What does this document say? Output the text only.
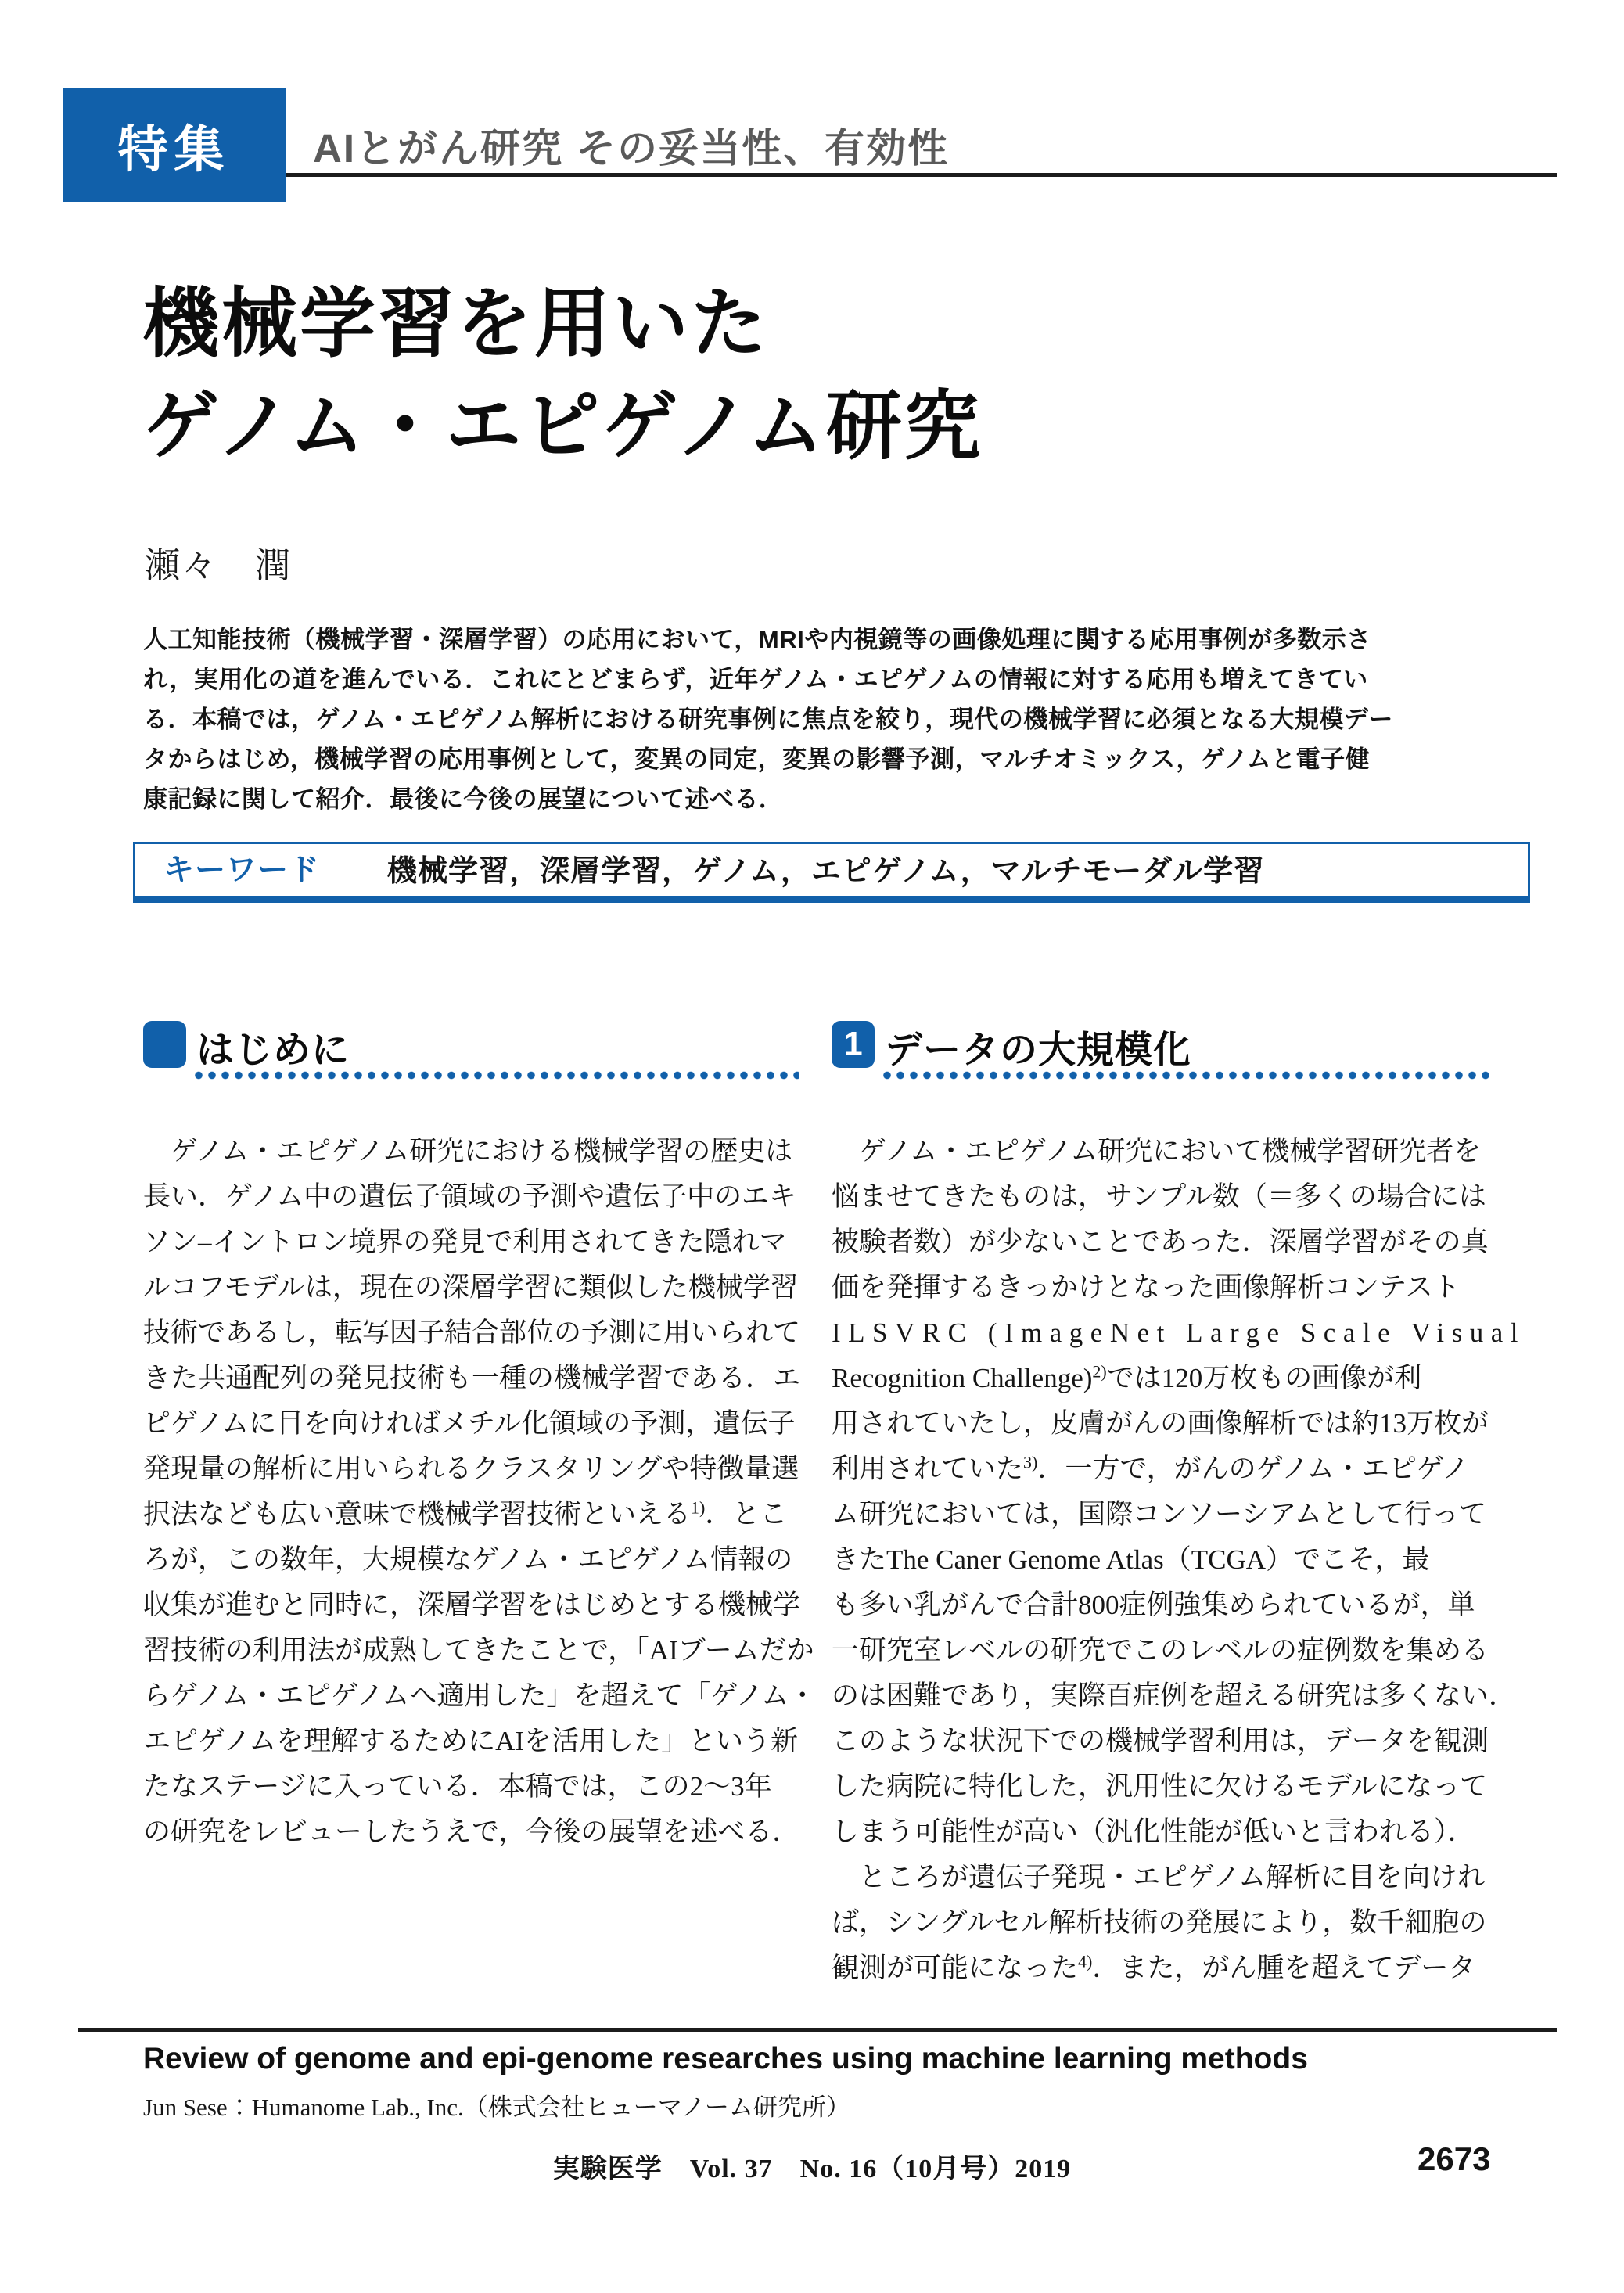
特集 AIとがん研究 その妥当性、有効性
機械学習を用いた
ゲノム・エピゲノム研究
瀬々　潤
人工知能技術（機械学習・深層学習）の応用において，MRIや内視鏡等の画像処理に関する応用事例が多数示さ
れ，実用化の道を進んでいる．これにとどまらず，近年ゲノム・エピゲノムの情報に対する応用も増えてきてい
る．本稿では，ゲノム・エピゲノム解析における研究事例に焦点を絞り，現代の機械学習に必須となる大規模デー
タからはじめ，機械学習の応用事例として，変異の同定，変異の影響予測，マルチオミックス，ゲノムと電子健
康記録に関して紹介．最後に今後の展望について述べる．
キーワード 機械学習，深層学習，ゲノム，エピゲノム，マルチモーダル学習
はじめに
　ゲノム・エピゲノム研究における機械学習の歴史は
長い．ゲノム中の遺伝子領域の予測や遺伝子中のエキ
ソン–イントロン境界の発見で利用されてきた隠れマ
ルコフモデルは，現在の深層学習に類似した機械学習
技術であるし，転写因子結合部位の予測に用いられて
きた共通配列の発見技術も一種の機械学習である．エ
ピゲノムに目を向ければメチル化領域の予測，遺伝子
発現量の解析に用いられるクラスタリングや特徴量選
択法なども広い意味で機械学習技術といえる$^{1)}$．とこ
ろが，この数年，大規模なゲノム・エピゲノム情報の
収集が進むと同時に，深層学習をはじめとする機械学
習技術の利用法が成熟してきたことで，「AIブームだか
らゲノム・エピゲノムへ適用した」を超えて「ゲノム・
エピゲノムを理解するためにAIを活用した」という新
たなステージに入っている．本稿では，この2〜3年
の研究をレビューしたうえで，今後の展望を述べる．
1 データの大規模化
　ゲノム・エピゲノム研究において機械学習研究者を
悩ませてきたものは，サンプル数（＝多くの場合には
被験者数）が少ないことであった．深層学習がその真
価を発揮するきっかけとなった画像解析コンテスト
ILSVRC (ImageNet Large Scale Visual
Recognition Challenge)$^{2)}$では120万枚もの画像が利
用されていたし，皮膚がんの画像解析では約13万枚が
利用されていた$^{3)}$．一方で，がんのゲノム・エピゲノ
ム研究においては，国際コンソーシアムとして行って
きたThe Caner Genome Atlas（TCGA）でこそ，最
も多い乳がんで合計800症例強集められているが，単
一研究室レベルの研究でこのレベルの症例数を集める
のは困難であり，実際百症例を超える研究は多くない．
このような状況下での機械学習利用は，データを観測
した病院に特化した，汎用性に欠けるモデルになって
しまう可能性が高い（汎化性能が低いと言われる）．
　ところが遺伝子発現・エピゲノム解析に目を向けれ
ば，シングルセル解析技術の発展により，数千細胞の
観測が可能になった$^{4)}$．また，がん腫を超えてデータ
Review of genome and epi-genome researches using machine learning methods
Jun Sese：Humanome Lab., Inc.（株式会社ヒューマノーム研究所）
実験医学　Vol. 37　No. 16（10月号）2019	2673
